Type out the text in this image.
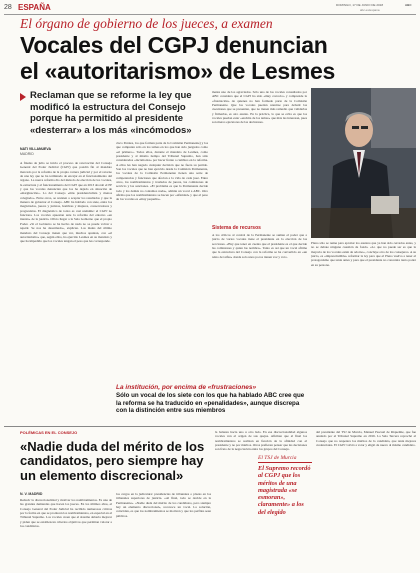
28 ESPAÑA	DOMINGO, 17 DE JUNIO DE 2018	ABC
abc.es/espana
El órgano de gobierno de los jueces, a examen
Vocales del CGPJ denuncian
el «autoritarismo» de Lesmes
Reclaman que se reforme la ley que modificó la estructura del Consejo porque ha permitido al presidente «desterrar» a los más «incómodos»
NATI VILLANUEVA
MADRID
A finales de julio se inicia el proceso de renovación del Consejo General del Poder Judicial (CGPJ) que pondrá fin al mandato marcado por la reforma de la propia carrera judicial y por el retorno de una ley que no ha terminado de encajar en el funcionamiento del órgano. La nueva reforma dio del método de elección de los vocales, la estructura y el funcionamiento del CGPJ que en 2013 abordó el PP y que los vocales denuncian que los ha dejado en situación de «marginación». Lo del Consejo «más presidencialista y menos colegiado». Entre otros, se resisten a aceptar los resultados y que la manera de gobernar el Consejo. ABC ha hablado con siete, entre los magistrados, jueces y juristas, hombres y mujeres, conservadores y progresistas. El diagnóstico de todos es casi unánime: el CGPJ no funciona. Los vocales apuestan ante la reforma del entorno «en interés» de la justicia. Obvio llegar a la Sala Gobierno que el propio Poder. «Si el Gobierno se ha hecho de nada no se puede volver a repetir. Se nos ha desarmado», explican. Los males del último mandato del Consejo tienen que ver, muchos apuntan, con «el autoritarismo» que, según ellos, ha ejercido Lesmes en su mandato y que ha impedido que los vocales tengan el peso que les corresponde.
cisco Perales, los que forman parte de la Comisión Permanente) y los que computan sólo en los temas en los que han sido juzgados como «el primero». Todos ellos, durante el mandato de Lesmes, como presidente y al mismo tiempo del Tribunal Supremo, han sido considerados «incómodos» por hacer frente a cambios en la reforma. A ellos les han negado cualquier decisión que no fuera su partido. Son los vocales que no han ejercido desde la Comisión Permanente, los vocales de la Comisión Permanente tienen una serie de competencias y funciones que afectan a la vida de cada juez. Entre otros, los nombramientos y traslados de jueces, las comisiones de servicio y las sanciones. «El problema es que la Permanente decide todo y los demás no contamos nada», admite un vocal a ABC. Otro afirma que los nombramientos se hacen por «afinidad» y que el peso de los vocales es «muy pequeño».
menta uno de los agraviados. Sólo uno de los vocales consultados por ABC considera que el CGPJ ha sido «muy correcto» y comprende la «frustración» de quienes no han formado parte de la Comisión Permanente. Que los vocales puedan reunirse para debatir las cuestiones que se presentan, que no tienen más remedio que validarlas y firmarlas, es otro asunto. En la práctica, lo que se evita es que los vocales puedan estar «encima de los temas» que más les interesan, pues son meros ejecutores de las decisiones.
Sistema de recursos
A los críticos al control de la Permanente se suman el poder que a juicio de varios vocales tiene el presidente en la elección de las secciones. «Hay que tener en cuenta que el presidente es el que decide las comisiones y quien las nombra». Tanto es así que un vocal afirma que la estructura del Consejo con la reforma se ha convertido en «un reino de taifas» donde solo unos pocos tienen voz y voto.
Pleno sólo se reúne para aprobar los asuntos que ya han sido cerrados antes, y no se debate ninguna cuestión de fondo. «Lo que no puede ser es que la mayoría de los vocales estén de adorno», concluye otro de los consejeros. A su juicio, es «imprescindible» reformar la ley para que el Pleno vuelva a tener el protagonismo que tenía antes y para que el presidente no concentre tanto poder en su persona.
La institución, por encima de «frustraciones»
Sólo un vocal de los siete con los que ha hablado ABC cree que la reforma se ha traducido en «penalidades», aunque discrepa con la distinción entre sus miembros
POLÉMICAS EN EL CONSEJO
«Nadie duda del mérito de los candidatos, pero siempre hay un elemento discrecional»
N. V. MADRID
Reducir la discrecionalidad y motivar los nombramientos. Es una de las grandes demandas que hacen los jueces. En los últimos años, el Consejo General del Poder Judicial ha recibido numerosas críticas por la forma en que se producen los nombramientos, en especial en el Tribunal Supremo. Los vocales creen que el sistema debería mejorar y piden que se establezcan criterios objetivos que permitan valorar a los candidatos.
los cargos en la judicatura: presidencias de tribunales o plazas en los tribunales superiores de justicia. «Al final, todo se decide en la Permanente». «Nadie duda del mérito de los candidatos, pero siempre hay un elemento discrecional», reconoce un vocal. La solución, coinciden, es que los nombramientos se motiven y que los perfiles sean públicos.
la balanza hacia uno u otro lado. En esa discrecionalidad algunos vocales ven el origen de sus quejas. Afirman que al final los nombramientos se realizan en función de la afinidad con el presidente y no por méritos. Otros prefieren pensar que las decisiones son fruto de la negociación entre los grupos del Consejo.
El TSJ de Murcia
El Supremo recordó al CGPJ que los méritos de una magistrada «se esmoran», claramente» a los del elegido
del presidente del TSJ de Murcia, Manuel Pascual de Riquelme, que fue anulado por el Tribunal Supremo en 2016. La Sala Tercera reprochó al Consejo que no respetara los méritos de la candidata, que tenía mejores credenciales. El CGPJ volvió a votar y eligió de nuevo al mismo candidato.
